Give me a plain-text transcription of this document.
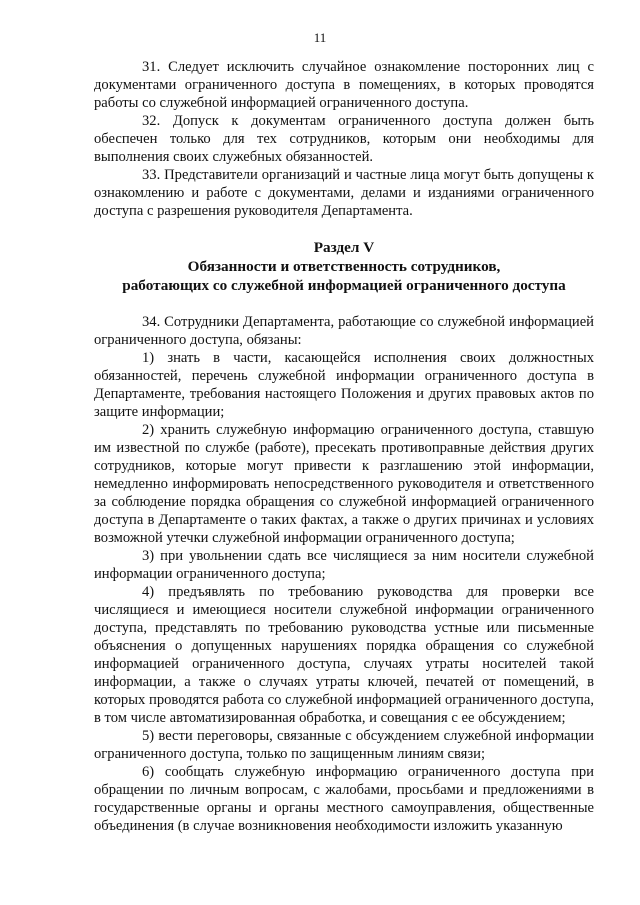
11

31. Следует исключить случайное ознакомление посторонних лиц с документами ограниченного доступа в помещениях, в которых проводятся работы со служебной информацией ограниченного доступа.

32. Допуск к документам ограниченного доступа должен быть обеспечен только для тех сотрудников, которым они необходимы для выполнения своих служебных обязанностей.

33. Представители организаций и частные лица могут быть допущены к ознакомлению и работе с документами, делами и изданиями ограниченного доступа с разрешения руководителя Департамента.

Раздел V
Обязанности и ответственность сотрудников,
работающих со служебной информацией ограниченного доступа

34. Сотрудники Департамента, работающие со служебной информацией ограниченного доступа, обязаны:

1) знать в части, касающейся исполнения своих должностных обязанностей, перечень служебной информации ограниченного доступа в Департаменте, требования настоящего Положения и других правовых актов по защите информации;

2) хранить служебную информацию ограниченного доступа, ставшую им известной по службе (работе), пресекать противоправные действия других сотрудников, которые могут привести к разглашению этой информации, немедленно информировать непосредственного руководителя и ответственного за соблюдение порядка обращения со служебной информацией ограниченного доступа в Департаменте о таких фактах, а также о других причинах и условиях возможной утечки служебной информации ограниченного доступа;

3) при увольнении сдать все числящиеся за ним носители служебной информации ограниченного доступа;

4) предъявлять по требованию руководства для проверки все числящиеся и имеющиеся носители служебной информации ограниченного доступа, представлять по требованию руководства устные или письменные объяснения о допущенных нарушениях порядка обращения со служебной информацией ограниченного доступа, случаях утраты носителей такой информации, а также о случаях утраты ключей, печатей от помещений, в которых проводятся работа со служебной информацией ограниченного доступа, в том числе автоматизированная обработка, и совещания с ее обсуждением;

5) вести переговоры, связанные с обсуждением служебной информации ограниченного доступа, только по защищенным линиям связи;

6) сообщать служебную информацию ограниченного доступа при обращении по личным вопросам, с жалобами, просьбами и предложениями в государственные органы и органы местного самоуправления, общественные объединения (в случае возникновения необходимости изложить указанную
